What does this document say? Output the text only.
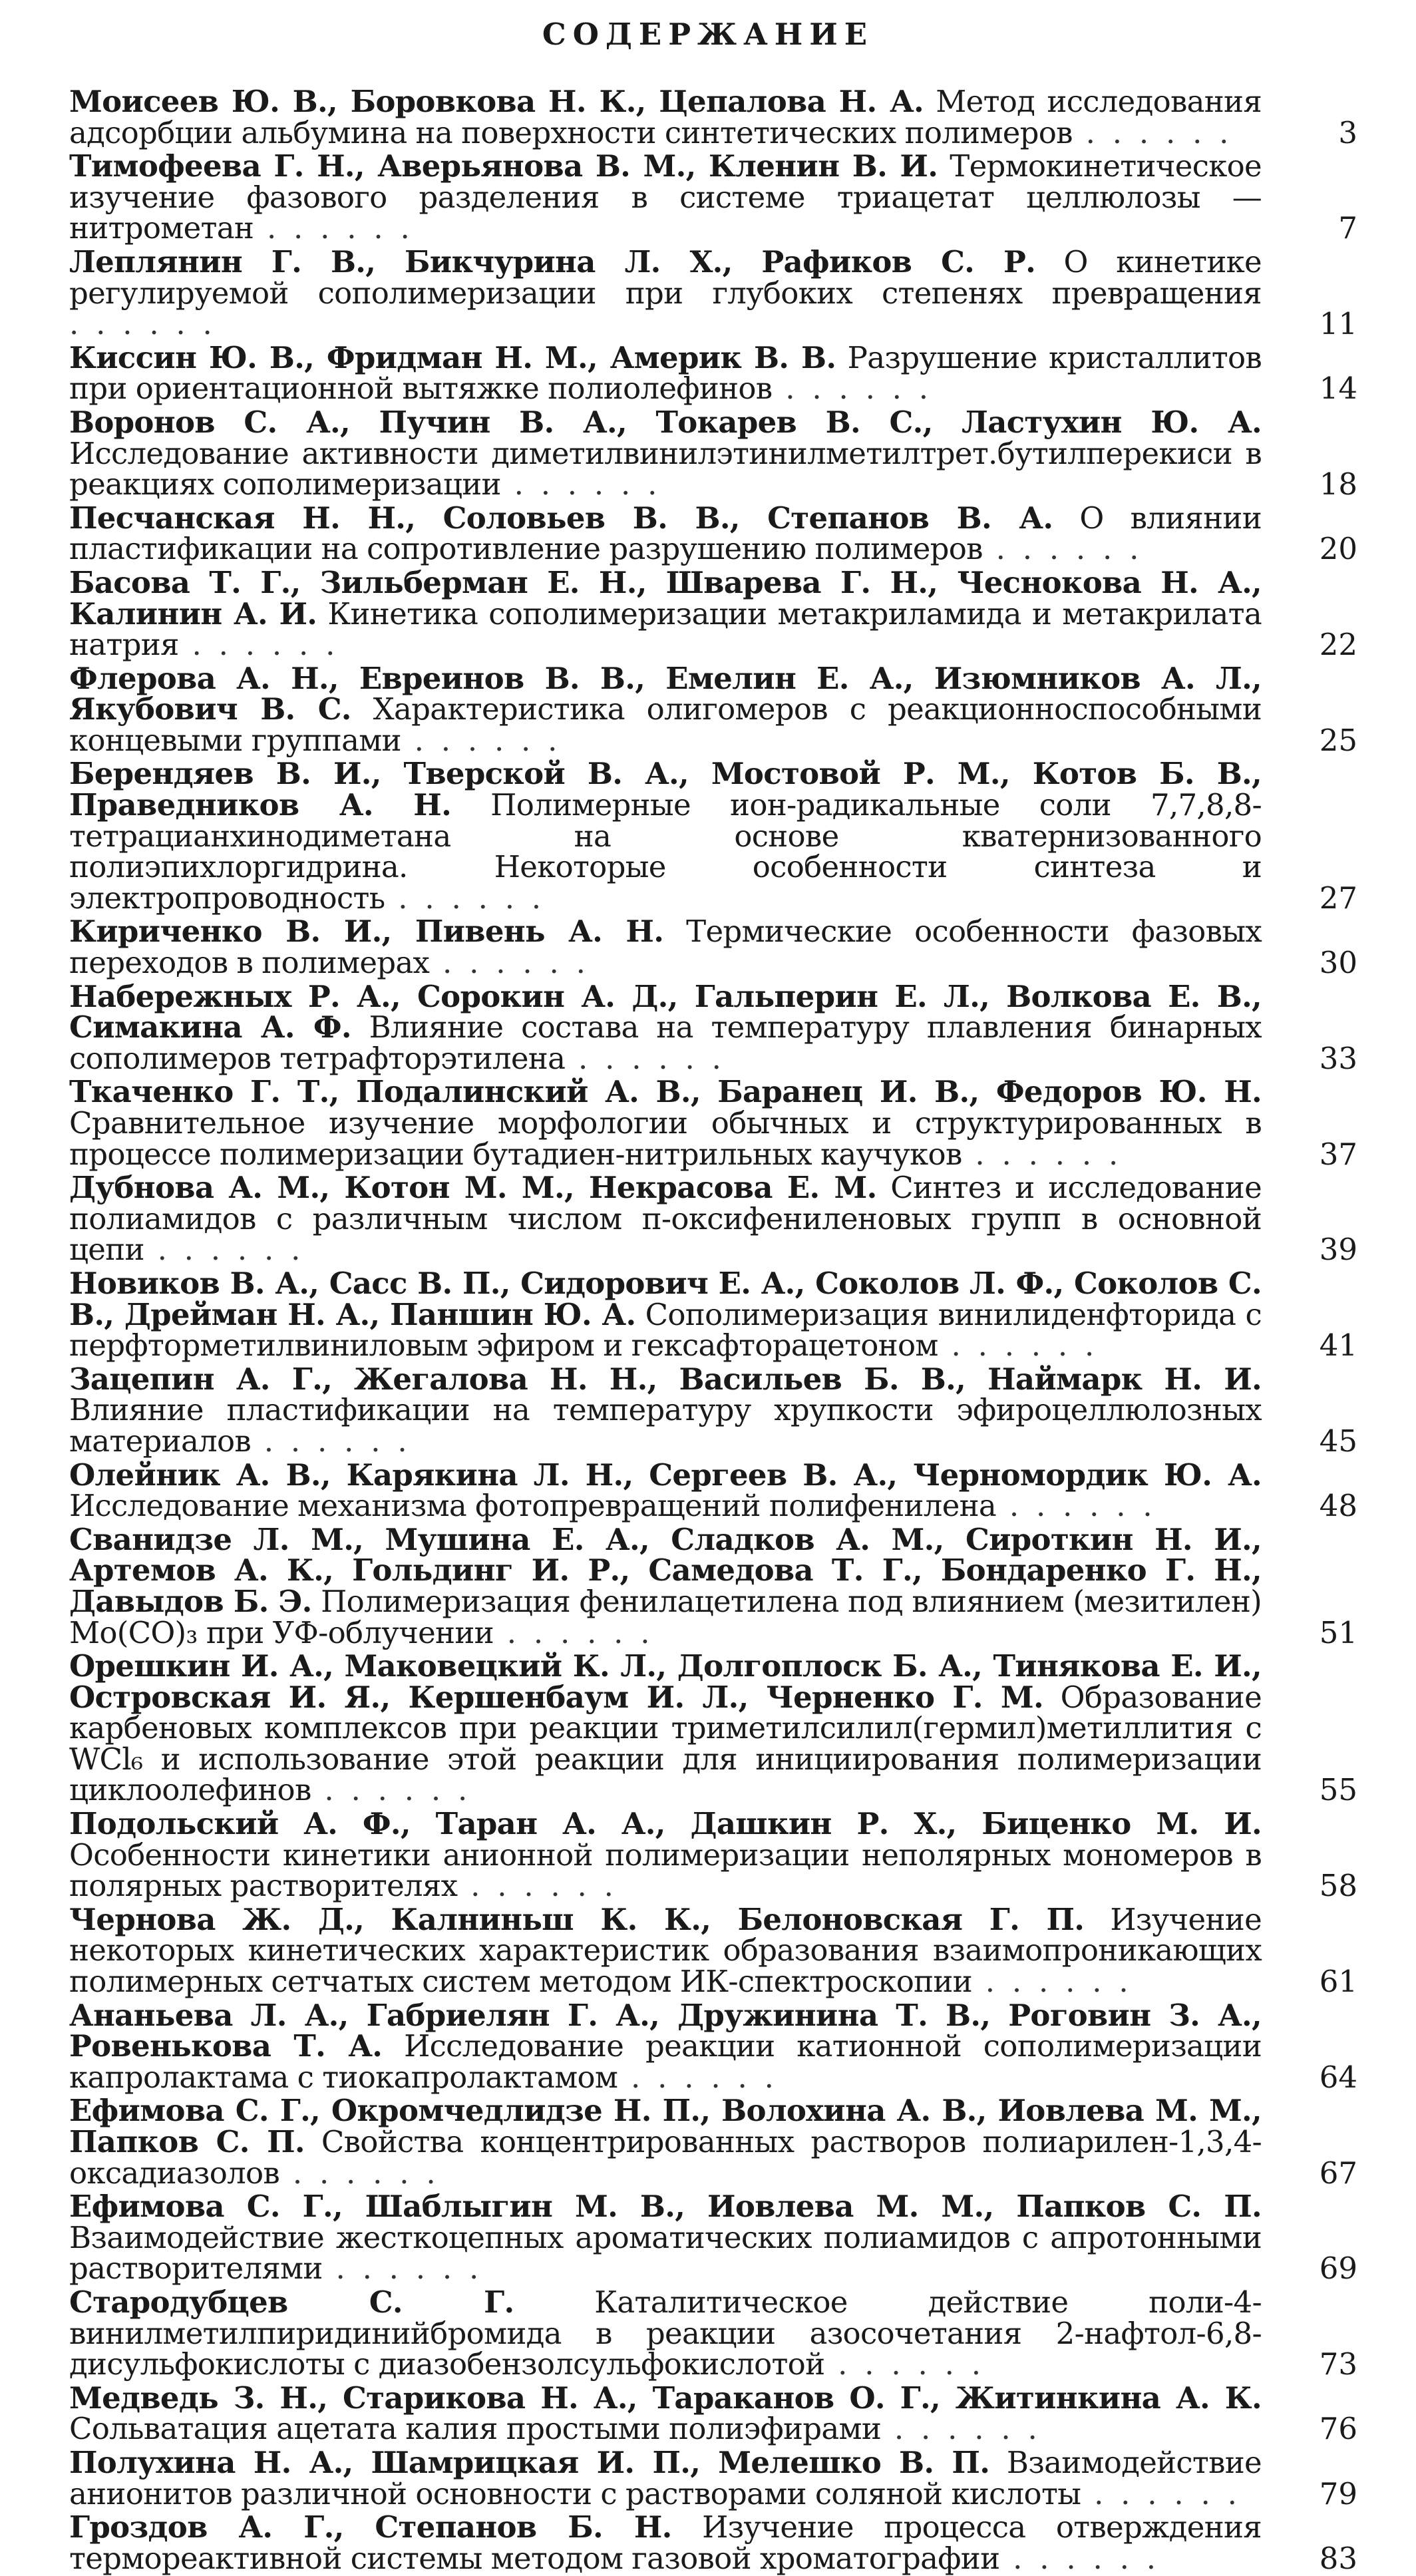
СОДЕРЖАНИЕ
Моисеев Ю. В., Боровкова Н. К., Цепалова Н. А. Метод исследования адсорбции альбумина на поверхности синтетических полимеров . . . . . .	3
Тимофеева Г. Н., Аверьянова В. М., Кленин В. И. Термокинетическое изучение фазового разделения в системе триацетат целлюлозы — нитрометан . . . . . .	7
Леплянин Г. В., Бикчурина Л. Х., Рафиков С. Р. О кинетике регулируемой сополимеризации при глубоких степенях превращения . . . . . .	11
Киссин Ю. В., Фридман Н. М., Америк В. В. Разрушение кристаллитов при ориентационной вытяжке полиолефинов . . . . . .	14
Воронов С. А., Пучин В. А., Токарев В. С., Ластухин Ю. А. Исследование активности диметилвинилэтинилметилтрет.бутилперекиси в реакциях сополимеризации . . . . . .	18
Песчанская Н. Н., Соловьев В. В., Степанов В. А. О влиянии пластификации на сопротивление разрушению полимеров . . . . . .	20
Басова Т. Г., Зильберман Е. Н., Шварева Г. Н., Чеснокова Н. А., Калинин А. И. Кинетика сополимеризации метакриламида и метакрилата натрия . . . . . .	22
Флерова А. Н., Евреинов В. В., Емелин Е. А., Изюмников А. Л., Якубович В. С. Характеристика олигомеров с реакционноспособными концевыми группами . . . . . .	25
Берендяев В. И., Тверской В. А., Мостовой Р. М., Котов Б. В., Праведников А. Н. Полимерные ион-радикальные соли 7,7,8,8-тетрацианхинодиметана на основе кватернизованного полиэпихлоргидрина. Некоторые особенности синтеза и электропроводность . . . . . .	27
Кириченко В. И., Пивень А. Н. Термические особенности фазовых переходов в полимерах . . . . . .	30
Набережных Р. А., Сорокин А. Д., Гальперин Е. Л., Волкова Е. В., Симакина А. Ф. Влияние состава на температуру плавления бинарных сополимеров тетрафторэтилена . . . . . .	33
Ткаченко Г. Т., Подалинский А. В., Баранец И. В., Федоров Ю. Н. Сравнительное изучение морфологии обычных и структурированных в процессе полимеризации бутадиен-нитрильных каучуков . . . . . .	37
Дубнова А. М., Котон М. М., Некрасова Е. М. Синтез и исследование полиамидов с различным числом п-оксифениленовых групп в основной цепи . . . . . .	39
Новиков В. А., Сасс В. П., Сидорович Е. А., Соколов Л. Ф., Соколов С. В., Дрейман Н. А., Паншин Ю. А. Сополимеризация винилиденфторида с перфторметилвиниловым эфиром и гексафторацетоном . . . . . .	41
Зацепин А. Г., Жегалова Н. Н., Васильев Б. В., Наймарк Н. И. Влияние пластификации на температуру хрупкости эфироцеллюлозных материалов . . . . . .	45
Олейник А. В., Карякина Л. Н., Сергеев В. А., Черномордик Ю. А. Исследование механизма фотопревращений полифенилена . . . . . .	48
Сванидзе Л. М., Мушина Е. А., Сладков А. М., Сироткин Н. И., Артемов А. К., Гольдинг И. Р., Самедова Т. Г., Бондаренко Г. Н., Давыдов Б. Э. Полимеризация фенилацетилена под влиянием (мезитилен) Mo(CO)₃ при УФ-облучении . . . . . .	51
Орешкин И. А., Маковецкий К. Л., Долгоплоск Б. А., Тинякова Е. И., Островская И. Я., Кершенбаум И. Л., Черненко Г. М. Образование карбеновых комплексов при реакции триметилсилил(гермил)метиллития с WCl₆ и использование этой реакции для инициирования полимеризации циклоолефинов . . . . . .	55
Подольский А. Ф., Таран А. А., Дашкин Р. Х., Биценко М. И. Особенности кинетики анионной полимеризации неполярных мономеров в полярных растворителях . . . . . .	58
Чернова Ж. Д., Калниньш К. К., Белоновская Г. П. Изучение некоторых кинетических характеристик образования взаимопроникающих полимерных сетчатых систем методом ИК-спектроскопии . . . . . .	61
Ананьева Л. А., Габриелян Г. А., Дружинина Т. В., Роговин З. А., Ровенькова Т. А. Исследование реакции катионной сополимеризации капролактама с тиокапролактамом . . . . . .	64
Ефимова С. Г., Окромчедлидзе Н. П., Волохина А. В., Иовлева М. М., Папков С. П. Свойства концентрированных растворов полиарилен-1,3,4-оксадиазолов . . . . . .	67
Ефимова С. Г., Шаблыгин М. В., Иовлева М. М., Папков С. П. Взаимодействие жесткоцепных ароматических полиамидов с апротонными растворителями . . . . . .	69
Стародубцев С. Г.	Каталитическое действие поли-4-винилметилпиридинийбромида в реакции азосочетания 2-нафтол-6,8-дисульфокислоты с диазобензолсульфокислотой . . . . . .	73
Медведь З. Н., Старикова Н. А., Тараканов О. Г., Житинкина А. К. Сольватация ацетата калия простыми полиэфирами . . . . . .	76
Полухина Н. А., Шамрицкая И. П., Мелешко В. П. Взаимодействие анионитов различной основности с растворами соляной кислоты . . . . . .	79
Гроздов А. Г., Степанов Б. Н. Изучение процесса отверждения термореактивной системы методом газовой хроматографии . . . . . .	83
